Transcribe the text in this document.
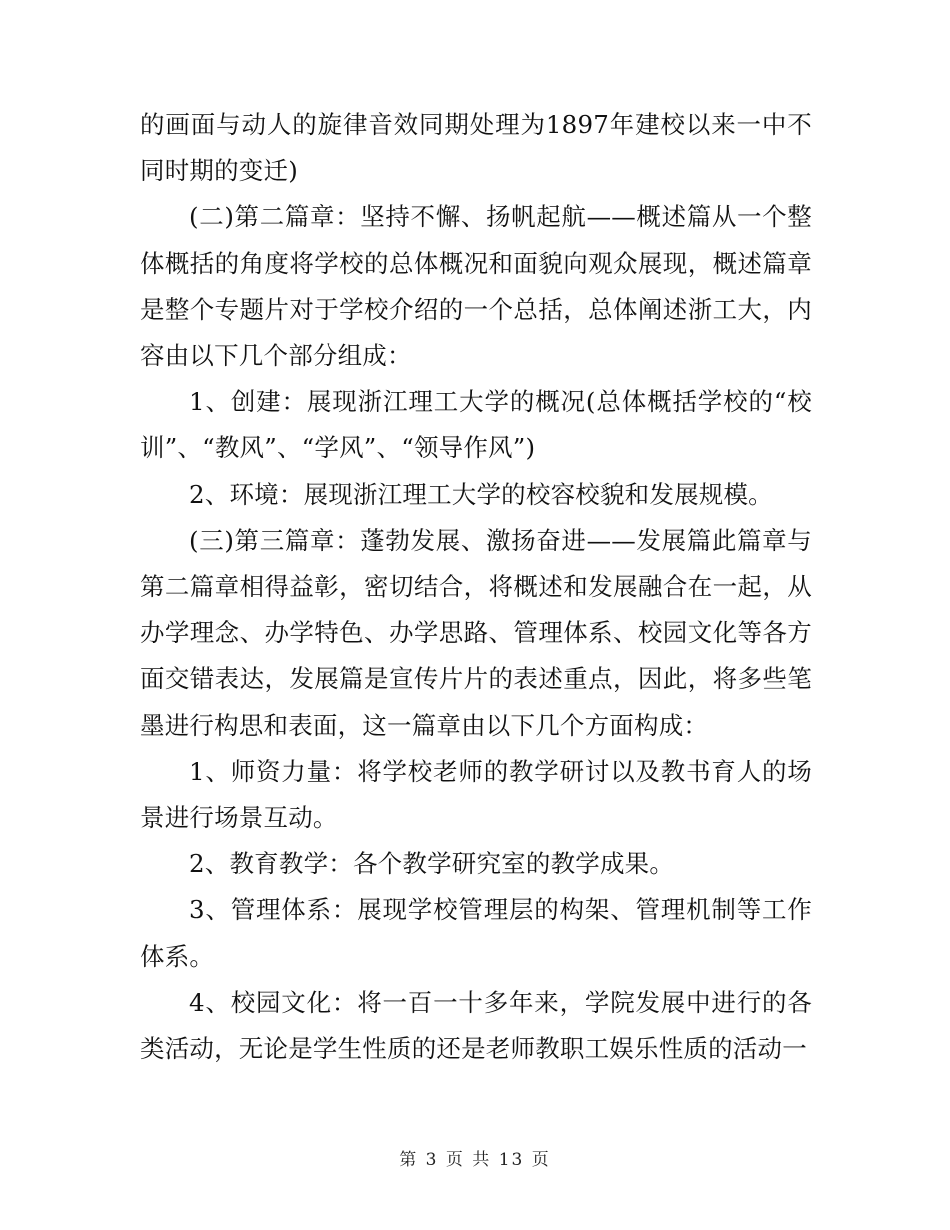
的画面与动人的旋律音效同期处理为1897年建校以来一中不同时期的变迁)

(二)第二篇章：坚持不懈、扬帆起航——概述篇从一个整体概括的角度将学校的总体概况和面貌向观众展现，概述篇章是整个专题片对于学校介绍的一个总括，总体阐述浙工大，内容由以下几个部分组成：

1、创建：展现浙江理工大学的概况(总体概括学校的“校训”、“教风”、“学风”、“领导作风”)

2、环境：展现浙江理工大学的校容校貌和发展规模。

(三)第三篇章：蓬勃发展、激扬奋进——发展篇此篇章与第二篇章相得益彰，密切结合，将概述和发展融合在一起，从办学理念、办学特色、办学思路、管理体系、校园文化等各方面交错表达，发展篇是宣传片片的表述重点，因此，将多些笔墨进行构思和表面，这一篇章由以下几个方面构成：

1、师资力量：将学校老师的教学研讨以及教书育人的场景进行场景互动。

2、教育教学：各个教学研究室的教学成果。

3、管理体系：展现学校管理层的构架、管理机制等工作体系。

4、校园文化：将一百一十多年来，学院发展中进行的各类活动，无论是学生性质的还是老师教职工娱乐性质的活动一

第 3 页 共 13 页
